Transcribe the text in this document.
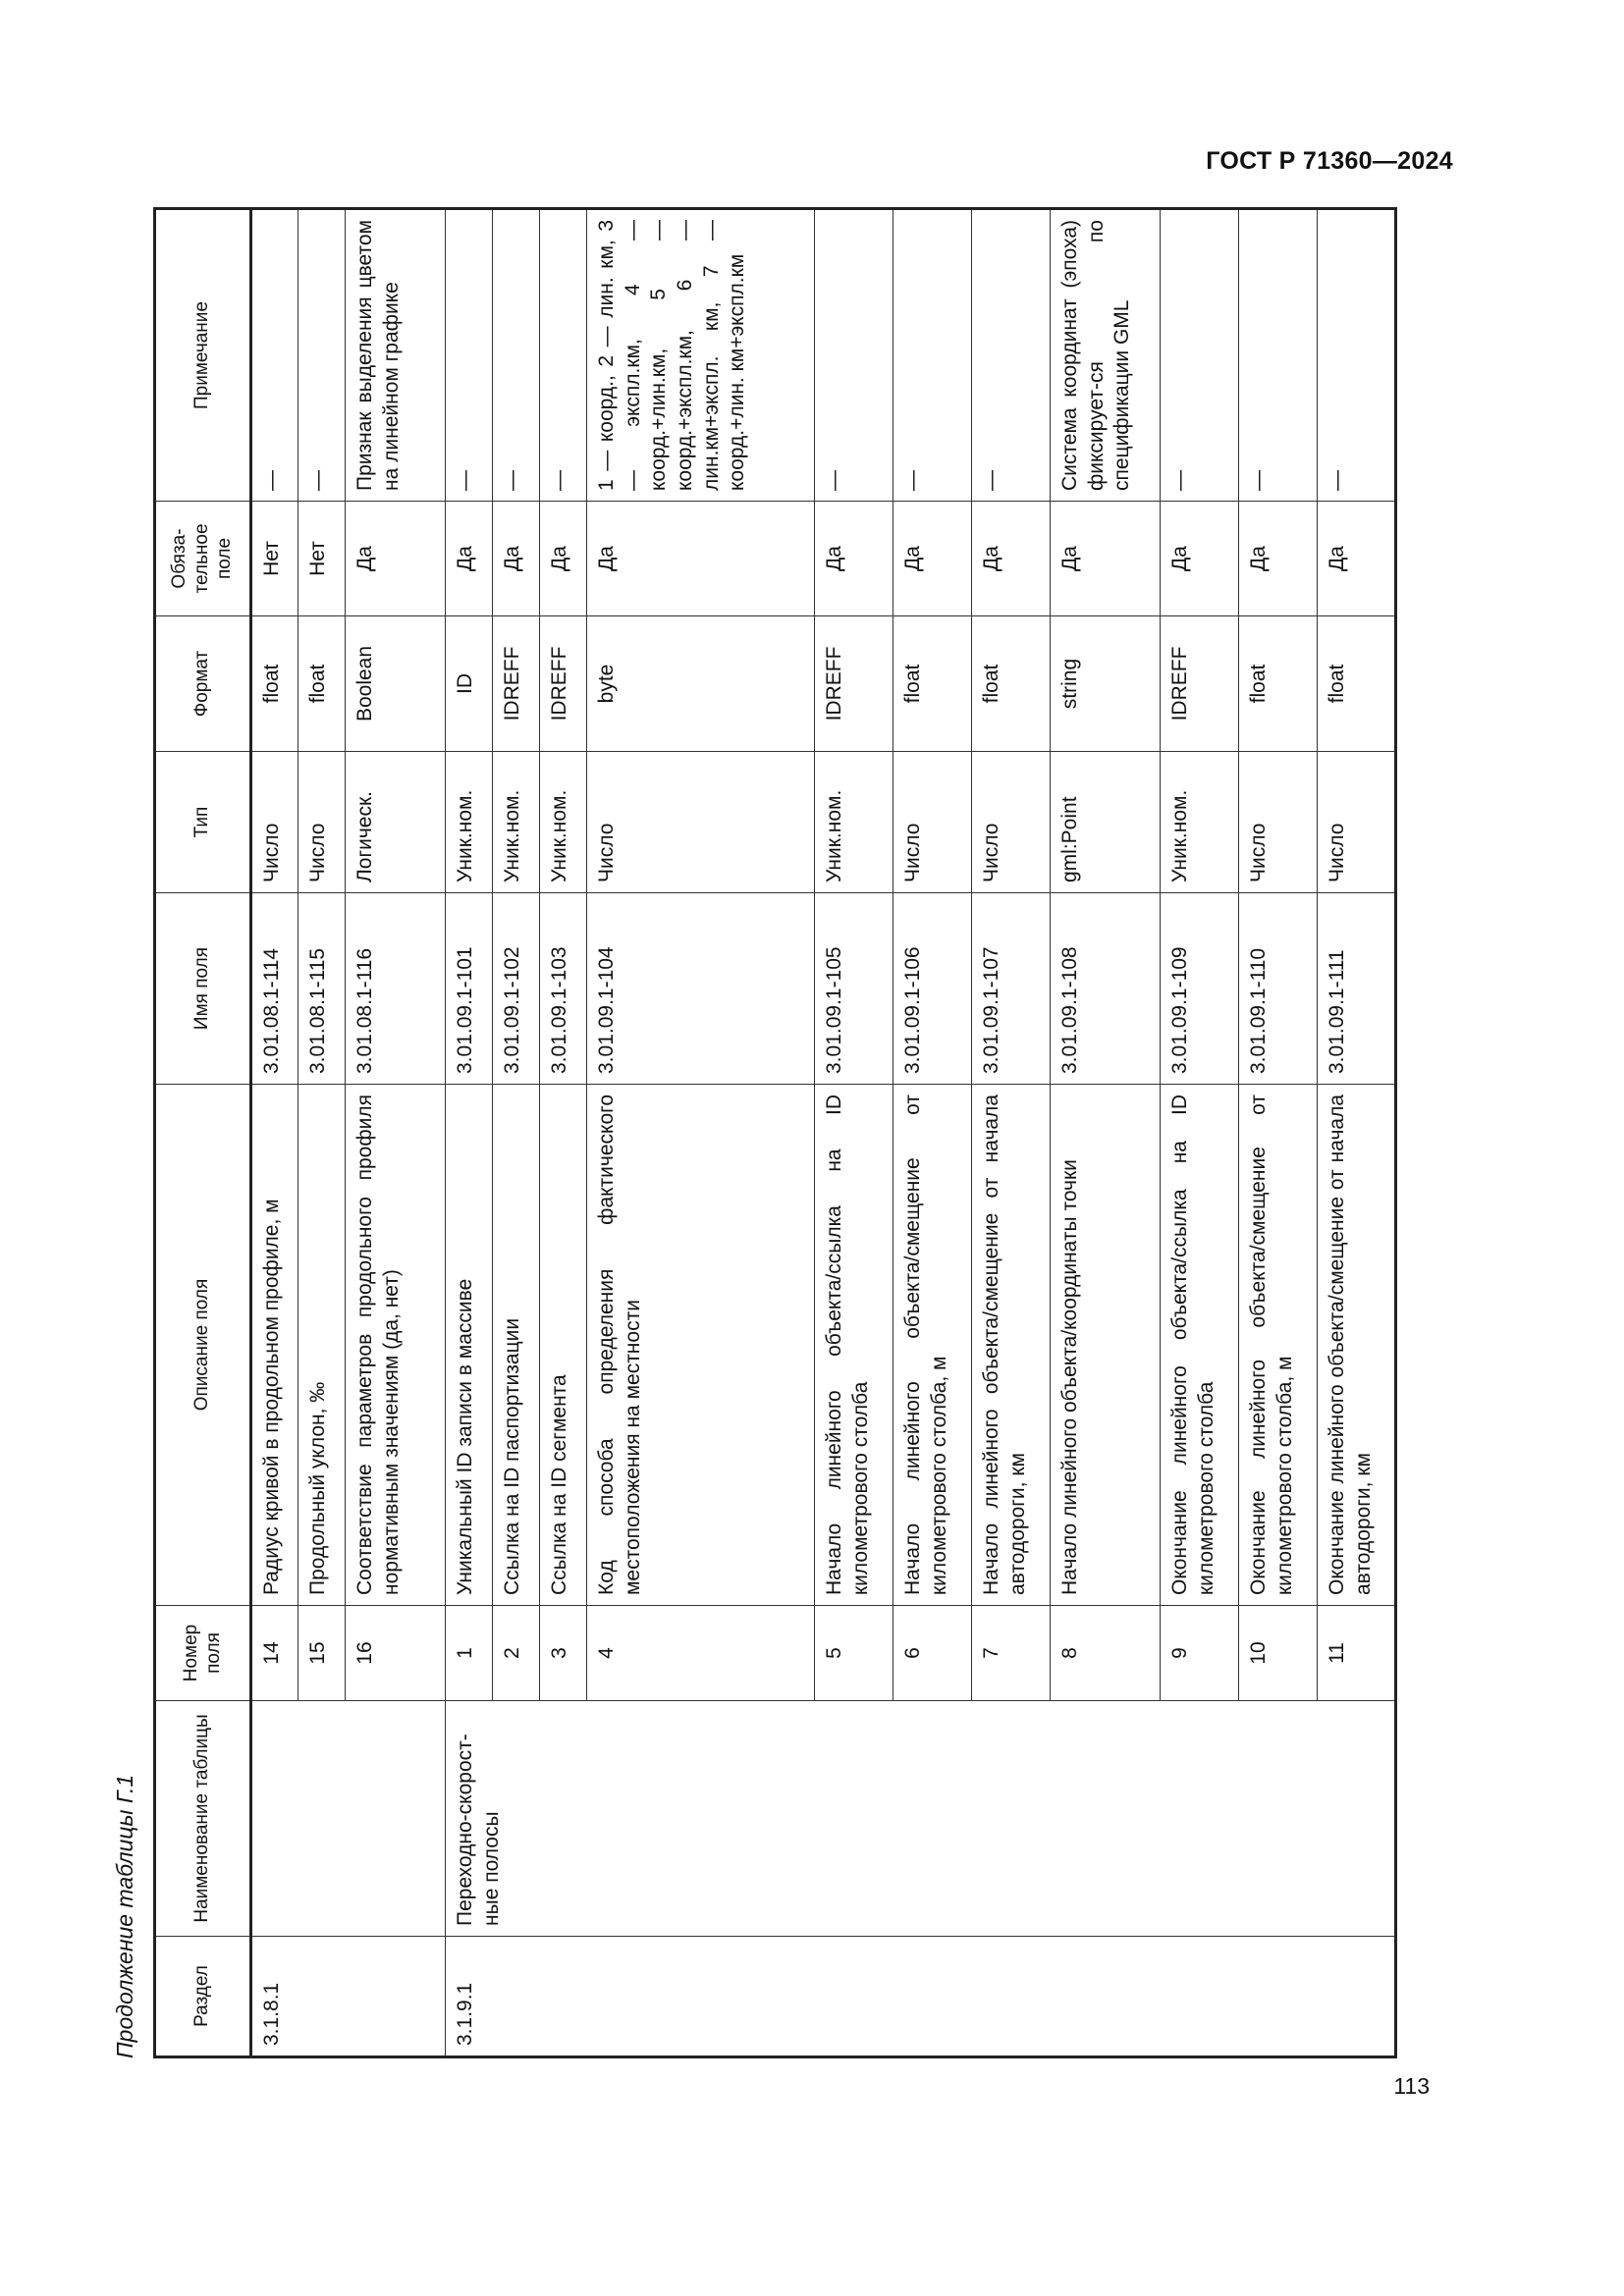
ГОСТ Р 71360—2024
Продолжение таблицы Г.1	Раздел	Наименование таблицы	Номер поля	Описание поля	Имя поля	Тип	Формат	Обяза-тельное поле	Примечание
3.1.8.1		14	Радиус кривой в продольном профиле, м	3.01.08.1-114	Число	float	Нет	—
		15	Продольный уклон, ‰	3.01.08.1-115	Число	float	Нет	—
		16	Соответствие параметров продольного профиля нормативным значениям (да, нет)	3.01.08.1-116	Логическ.	Boolean	Да	Признак выделения цветом на линейном графике
3.1.9.1	Переходно-скорост-ные полосы	1	Уникальный ID записи в массиве	3.01.09.1-101	Уник.ном.	ID	Да	—
		2	Ссылка на ID паспортизации	3.01.09.1-102	Уник.ном.	IDREFF	Да	—
		3	Ссылка на ID сегмента	3.01.09.1-103	Уник.ном.	IDREFF	Да	—
		4	Код способа определения фактического местоположения на местности	3.01.09.1-104	Число	byte	Да	1 — коорд., 2 — лин. км, 3 — экспл.км, 4 — коорд.+лин.км, 5 — коорд.+экспл.км, 6 — лин.км+экспл. км, 7 — коорд.+лин. км+экспл.км
		5	Начало линейного объекта/ссылка на ID километрового столба	3.01.09.1-105	Уник.ном.	IDREFF	Да	—
		6	Начало линейного объекта/смещение от километрового столба, м	3.01.09.1-106	Число	float	Да	—
		7	Начало линейного объекта/смещение от начала автодороги, км	3.01.09.1-107	Число	float	Да	—
		8	Начало линейного объекта/координаты точки	3.01.09.1-108	gml:Point	string	Да	Система координат (эпоха) фиксирует-ся по спецификации GML
		9	Окончание линейного объекта/ссылка на ID километрового столба	3.01.09.1-109	Уник.ном.	IDREFF	Да	—
		10	Окончание линейного объекта/смещение от километрового столба, м	3.01.09.1-110	Число	float	Да	—
		11	Окончание линейного объекта/смещение от начала автодороги, км	3.01.09.1-111	Число	float	Да	—
113
